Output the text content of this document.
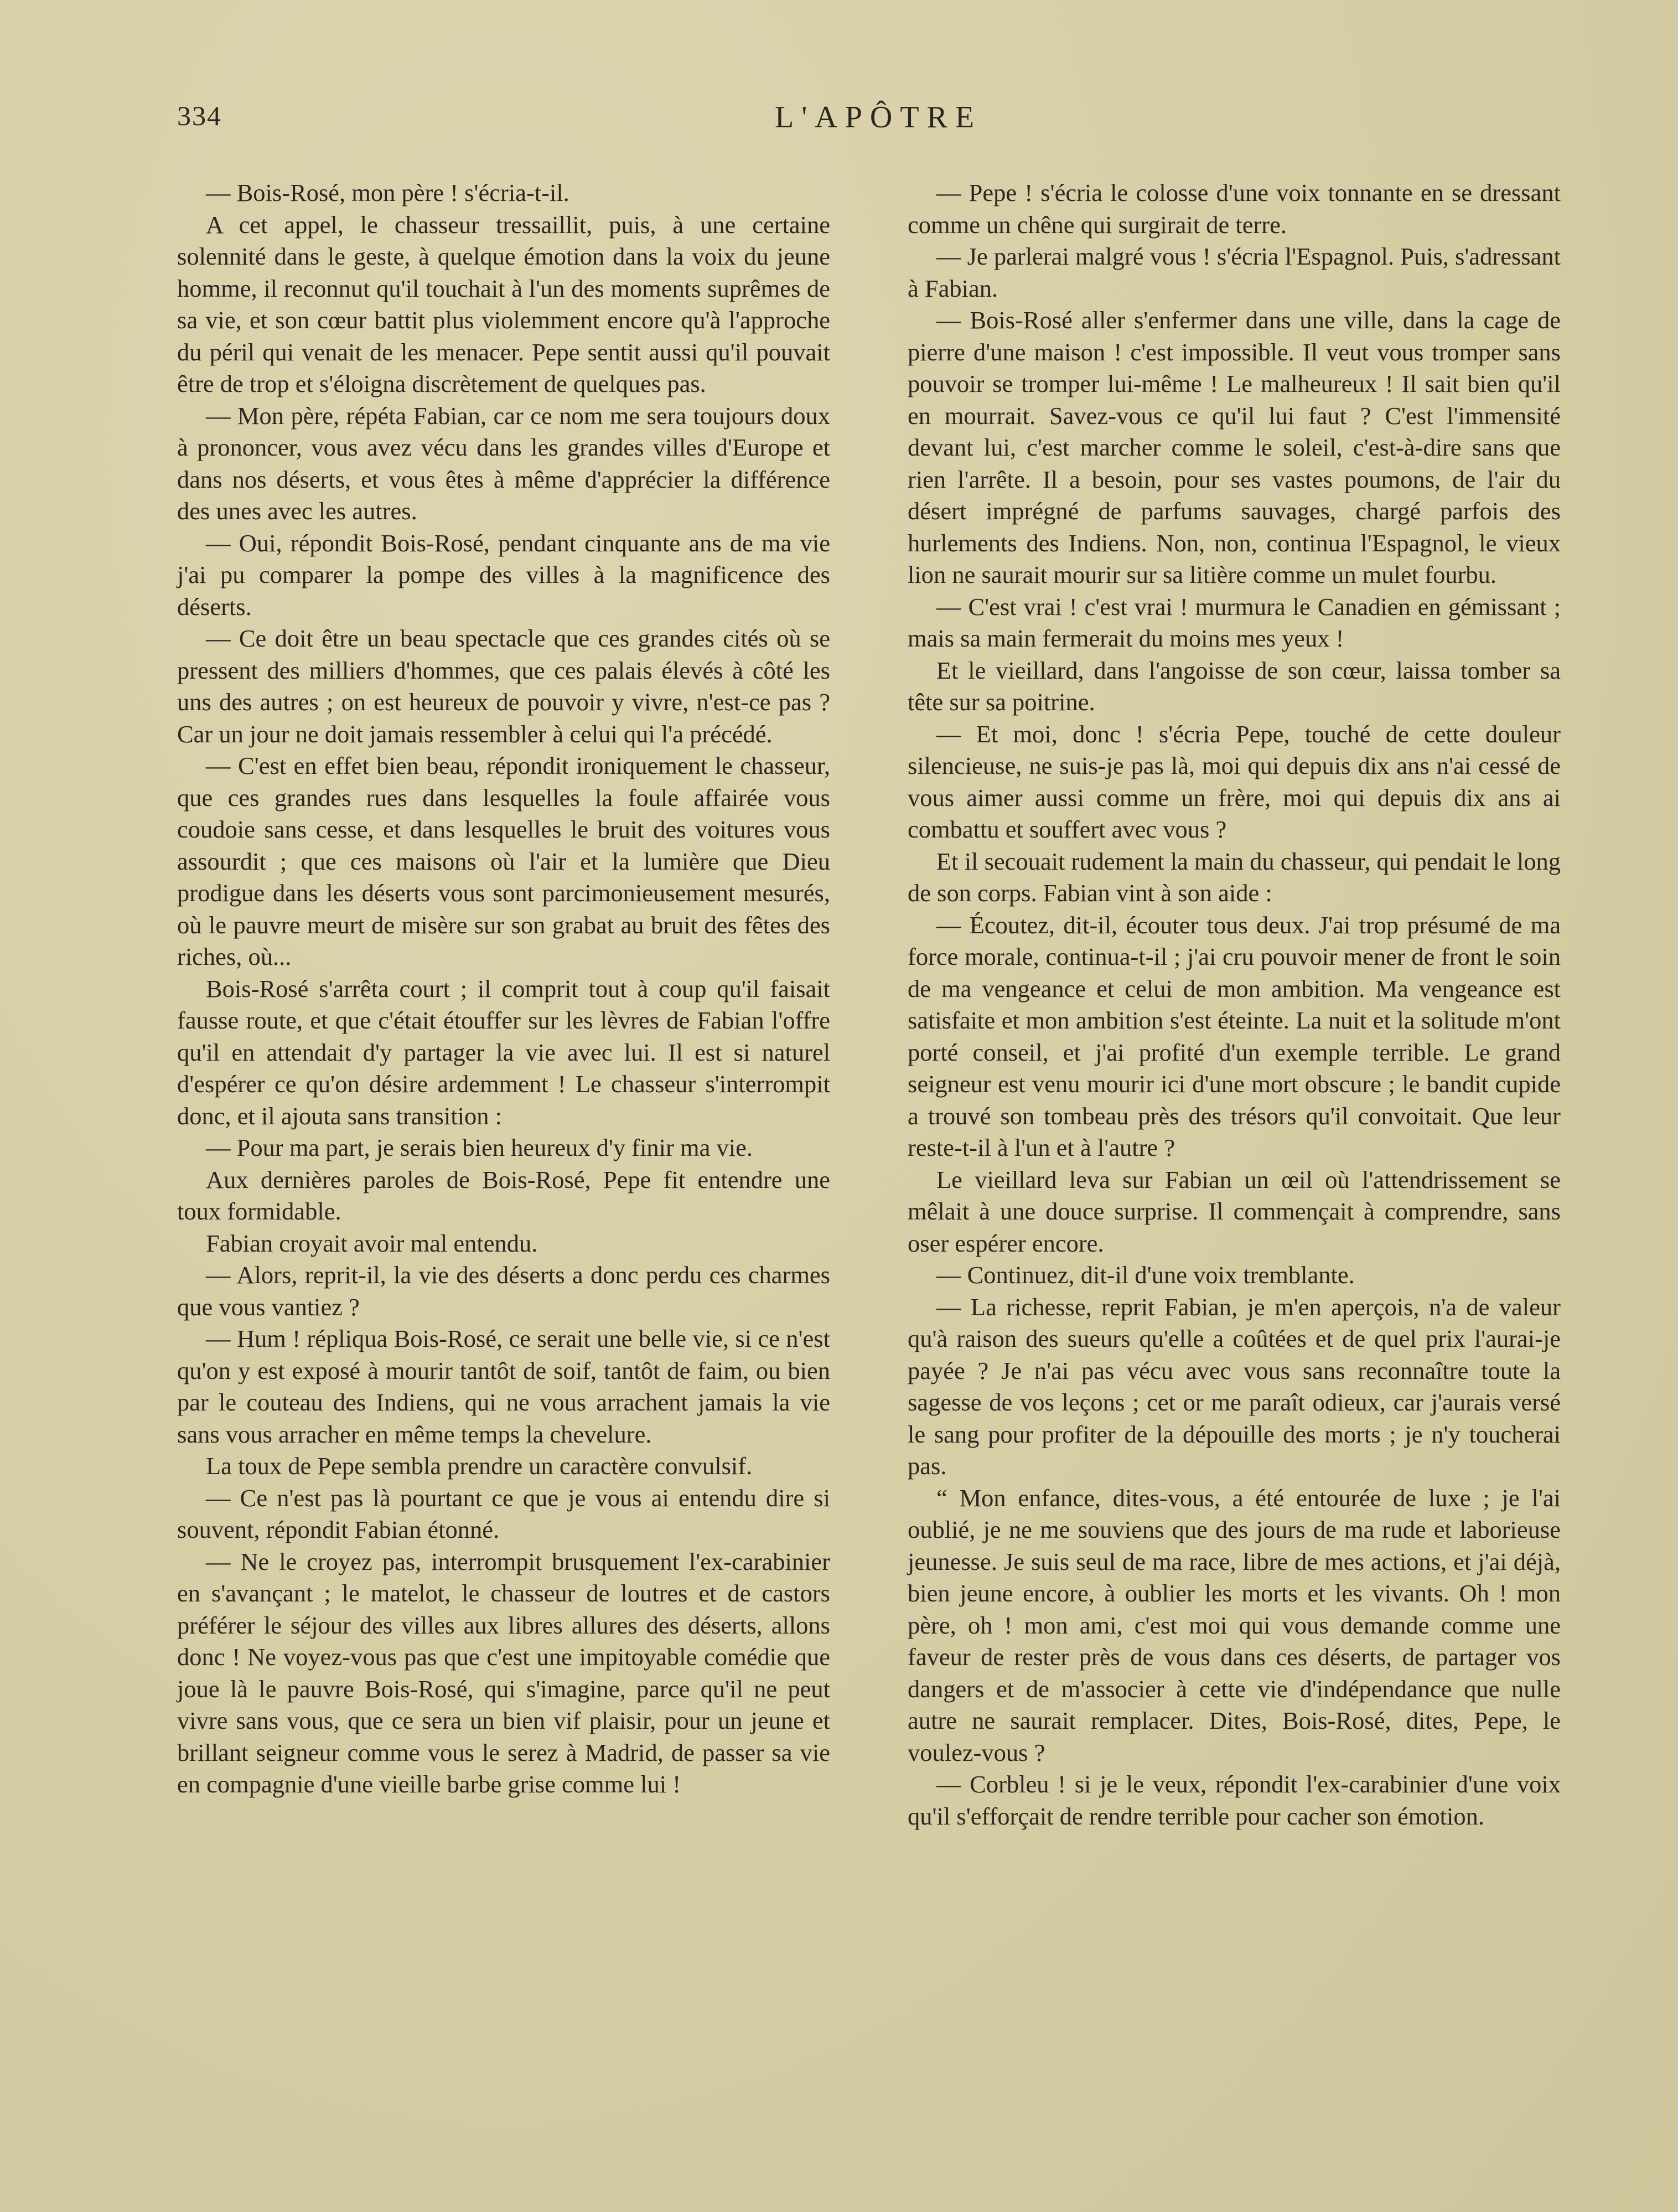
334	L'APÔTRE

— Bois-Rosé, mon père ! s'écria-t-il.

A cet appel, le chasseur tressaillit, puis, à une certaine solennité dans le geste, à quelque émotion dans la voix du jeune homme, il reconnut qu'il touchait à l'un des moments suprêmes de sa vie, et son cœur battit plus violemment encore qu'à l'approche du péril qui venait de les menacer. Pepe sentit aussi qu'il pouvait être de trop et s'éloigna discrètement de quelques pas.

— Mon père, répéta Fabian, car ce nom me sera toujours doux à prononcer, vous avez vécu dans les grandes villes d'Europe et dans nos déserts, et vous êtes à même d'apprécier la différence des unes avec les autres.

— Oui, répondit Bois-Rosé, pendant cinquante ans de ma vie j'ai pu comparer la pompe des villes à la magnificence des déserts.

— Ce doit être un beau spectacle que ces grandes cités où se pressent des milliers d'hommes, que ces palais élevés à côté les uns des autres ; on est heureux de pouvoir y vivre, n'est-ce pas ? Car un jour ne doit jamais ressembler à celui qui l'a précédé.

— C'est en effet bien beau, répondit ironiquement le chasseur, que ces grandes rues dans lesquelles la foule affairée vous coudoie sans cesse, et dans lesquelles le bruit des voitures vous assourdit ; que ces maisons où l'air et la lumière que Dieu prodigue dans les déserts vous sont parcimonieusement mesurés, où le pauvre meurt de misère sur son grabat au bruit des fêtes des riches, où...

Bois-Rosé s'arrêta court ; il comprit tout à coup qu'il faisait fausse route, et que c'était étouffer sur les lèvres de Fabian l'offre qu'il en attendait d'y partager la vie avec lui. Il est si naturel d'espérer ce qu'on désire ardemment ! Le chasseur s'interrompit donc, et il ajouta sans transition :

— Pour ma part, je serais bien heureux d'y finir ma vie.

Aux dernières paroles de Bois-Rosé, Pepe fit entendre une toux formidable.

Fabian croyait avoir mal entendu.

— Alors, reprit-il, la vie des déserts a donc perdu ces charmes que vous vantiez ?

— Hum ! répliqua Bois-Rosé, ce serait une belle vie, si ce n'est qu'on y est exposé à mourir tantôt de soif, tantôt de faim, ou bien par le couteau des Indiens, qui ne vous arrachent jamais la vie sans vous arracher en même temps la chevelure.

La toux de Pepe sembla prendre un caractère convulsif.

— Ce n'est pas là pourtant ce que je vous ai entendu dire si souvent, répondit Fabian étonné.

— Ne le croyez pas, interrompit brusquement l'ex-carabinier en s'avançant ; le matelot, le chasseur de loutres et de castors préférer le séjour des villes aux libres allures des déserts, allons donc ! Ne voyez-vous pas que c'est une impitoyable comédie que joue là le pauvre Bois-Rosé, qui s'imagine, parce qu'il ne peut vivre sans vous, que ce sera un bien vif plaisir, pour un jeune et brillant seigneur comme vous le serez à Madrid, de passer sa vie en compagnie d'une vieille barbe grise comme lui !

— Pepe ! s'écria le colosse d'une voix tonnante en se dressant comme un chêne qui surgirait de terre.

— Je parlerai malgré vous ! s'écria l'Espagnol. Puis, s'adressant à Fabian.

— Bois-Rosé aller s'enfermer dans une ville, dans la cage de pierre d'une maison ! c'est impossible. Il veut vous tromper sans pouvoir se tromper lui-même ! Le malheureux ! Il sait bien qu'il en mourrait. Savez-vous ce qu'il lui faut ? C'est l'immensité devant lui, c'est marcher comme le soleil, c'est-à-dire sans que rien l'arrête. Il a besoin, pour ses vastes poumons, de l'air du désert imprégné de parfums sauvages, chargé parfois des hurlements des Indiens. Non, non, continua l'Espagnol, le vieux lion ne saurait mourir sur sa litière comme un mulet fourbu.

— C'est vrai ! c'est vrai ! murmura le Canadien en gémissant ; mais sa main fermerait du moins mes yeux !

Et le vieillard, dans l'angoisse de son cœur, laissa tomber sa tête sur sa poitrine.

— Et moi, donc ! s'écria Pepe, touché de cette douleur silencieuse, ne suis-je pas là, moi qui depuis dix ans n'ai cessé de vous aimer aussi comme un frère, moi qui depuis dix ans ai combattu et souffert avec vous ?

Et il secouait rudement la main du chasseur, qui pendait le long de son corps. Fabian vint à son aide :

— Écoutez, dit-il, écouter tous deux. J'ai trop présumé de ma force morale, continua-t-il ; j'ai cru pouvoir mener de front le soin de ma vengeance et celui de mon ambition. Ma vengeance est satisfaite et mon ambition s'est éteinte. La nuit et la solitude m'ont porté conseil, et j'ai profité d'un exemple terrible. Le grand seigneur est venu mourir ici d'une mort obscure ; le bandit cupide a trouvé son tombeau près des trésors qu'il convoitait. Que leur reste-t-il à l'un et à l'autre ?

Le vieillard leva sur Fabian un œil où l'attendrissement se mêlait à une douce surprise. Il commençait à comprendre, sans oser espérer encore.

— Continuez, dit-il d'une voix tremblante.

— La richesse, reprit Fabian, je m'en aperçois, n'a de valeur qu'à raison des sueurs qu'elle a coûtées et de quel prix l'aurai-je payée ? Je n'ai pas vécu avec vous sans reconnaître toute la sagesse de vos leçons ; cet or me paraît odieux, car j'aurais versé le sang pour profiter de la dépouille des morts ; je n'y toucherai pas.

“ Mon enfance, dites-vous, a été entourée de luxe ; je l'ai oublié, je ne me souviens que des jours de ma rude et laborieuse jeunesse. Je suis seul de ma race, libre de mes actions, et j'ai déjà, bien jeune encore, à oublier les morts et les vivants. Oh ! mon père, oh ! mon ami, c'est moi qui vous demande comme une faveur de rester près de vous dans ces déserts, de partager vos dangers et de m'associer à cette vie d'indépendance que nulle autre ne saurait remplacer. Dites, Bois-Rosé, dites, Pepe, le voulez-vous ?

— Corbleu ! si je le veux, répondit l'ex-carabinier d'une voix qu'il s'efforçait de rendre terrible pour cacher son émotion.
